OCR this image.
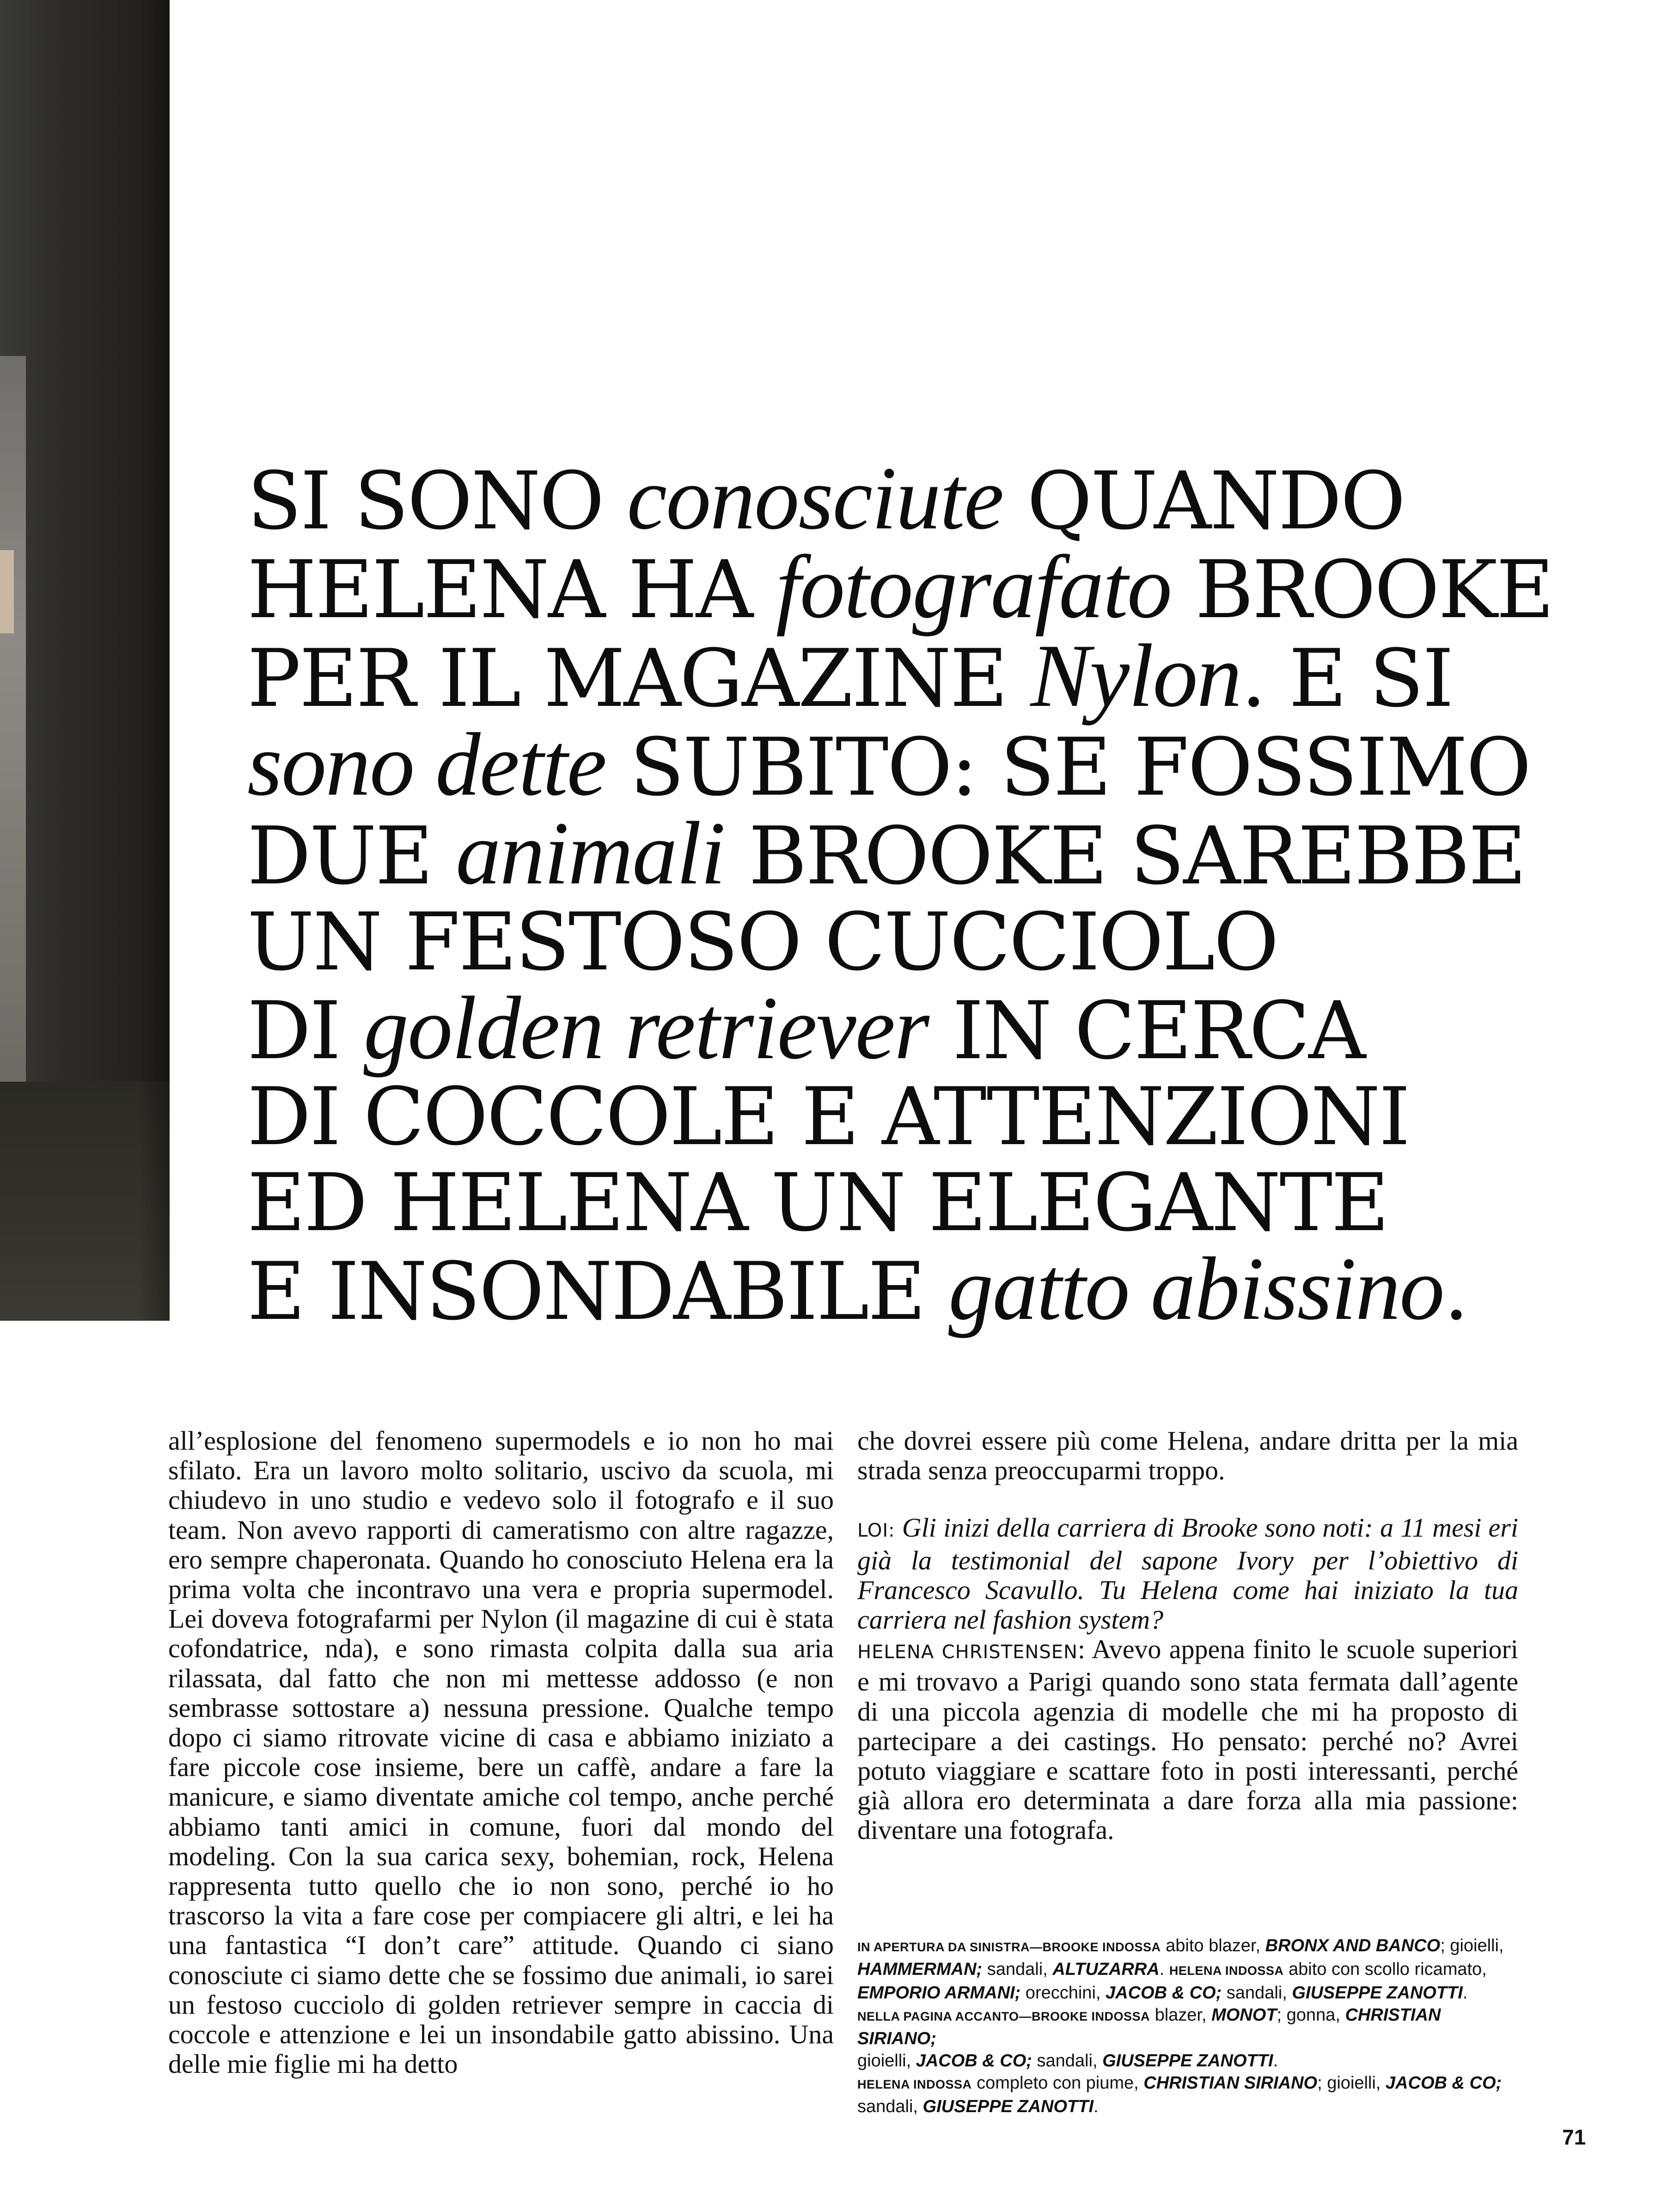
SI SONO conosciute QUANDO
HELENA HA fotografato BROOKE
PER IL MAGAZINE Nylon. E SI
sono dette SUBITO: SE FOSSIMO
DUE animali BROOKE SAREBBE
UN FESTOSO CUCCIOLO
DI golden retriever IN CERCA
DI COCCOLE E ATTENZIONI
ED HELENA UN ELEGANTE
E INSONDABILE gatto abissino.

all’esplosione del fenomeno supermodels e io non ho mai sfilato. Era un lavoro molto solitario, uscivo da scuola, mi chiudevo in uno studio e vedevo solo il fotografo e il suo team. Non avevo rapporti di cameratismo con altre ragazze, ero sempre chaperonata. Quando ho conosciuto Helena era la prima volta che incontravo una vera e propria supermodel. Lei doveva fotografarmi per Nylon (il magazine di cui è stata cofondatrice, nda), e sono rimasta colpita dalla sua aria rilassata, dal fatto che non mi mettesse addosso (e non sembrasse sottostare a) nessuna pressione. Qualche tempo dopo ci siamo ritrovate vicine di casa e abbiamo iniziato a fare piccole cose insieme, bere un caffè, andare a fare la manicure, e siamo diventate amiche col tempo, anche perché abbiamo tanti amici in comune, fuori dal mondo del modeling. Con la sua carica sexy, bohemian, rock, Helena rappresenta tutto quello che io non sono, perché io ho trascorso la vita a fare cose per compiacere gli altri, e lei ha una fantastica “I don’t care” attitude. Quando ci siano conosciute ci siamo dette che se fossimo due animali, io sarei un festoso cucciolo di golden retriever sempre in caccia di coccole e attenzione e lei un insondabile gatto abissino. Una delle mie figlie mi ha detto

che dovrei essere più come Helena, andare dritta per la mia strada senza preoccuparmi troppo.

LOI: Gli inizi della carriera di Brooke sono noti: a 11 mesi eri già la testimonial del sapone Ivory per l’obiettivo di Francesco Scavullo. Tu Helena come hai iniziato la tua carriera nel fashion system?

HELENA CHRISTENSEN: Avevo appena finito le scuole superiori e mi trovavo a Parigi quando sono stata fermata dall’agente di una piccola agenzia di modelle che mi ha proposto di partecipare a dei castings. Ho pensato: perché no? Avrei potuto viaggiare e scattare foto in posti interessanti, perché già allora ero determinata a dare forza alla mia passione: diventare una fotografa.

IN APERTURA DA SINISTRA—BROOKE INDOSSA abito blazer, BRONX AND BANCO; gioielli,

HAMMERMAN; sandali, ALTUZARRA. HELENA INDOSSA abito con scollo ricamato,

EMPORIO ARMANI; orecchini, JACOB & CO; sandali, GIUSEPPE ZANOTTI.

NELLA PAGINA ACCANTO—BROOKE INDOSSA blazer, MONOT; gonna, CHRISTIAN SIRIANO;

gioielli, JACOB & CO; sandali, GIUSEPPE ZANOTTI.

HELENA INDOSSA completo con piume, CHRISTIAN SIRIANO; gioielli, JACOB & CO;

sandali, GIUSEPPE ZANOTTI.

71
